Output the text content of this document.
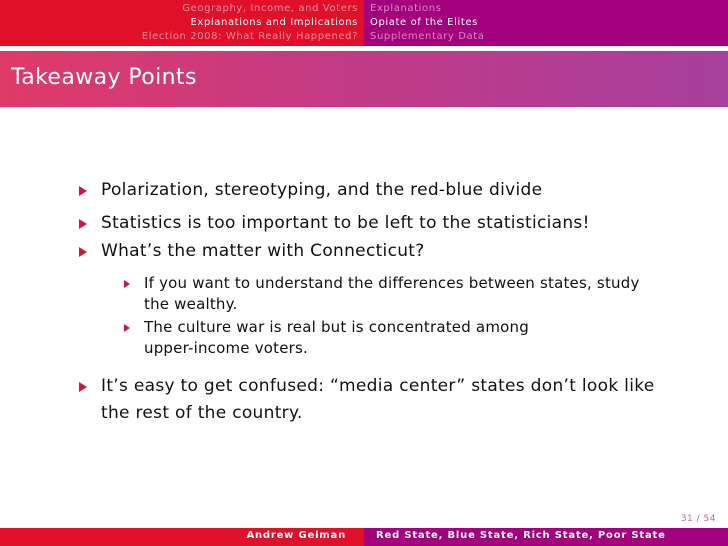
Geography, Income, and Voters
Explanations and Implications
Election 2008: What Really Happened?
Explanations
Opiate of the Elites
Supplementary Data
Takeaway Points
Polarization, stereotyping, and the red-blue divide
Statistics is too important to be left to the statisticians!
What’s the matter with Connecticut?
If you want to understand the differences between states, study
the wealthy.
The culture war is real but is concentrated among
upper-income voters.
It’s easy to get confused: “media center” states don’t look like
the rest of the country.
31 / 54
Andrew Gelman	Red State, Blue State, Rich State, Poor State
